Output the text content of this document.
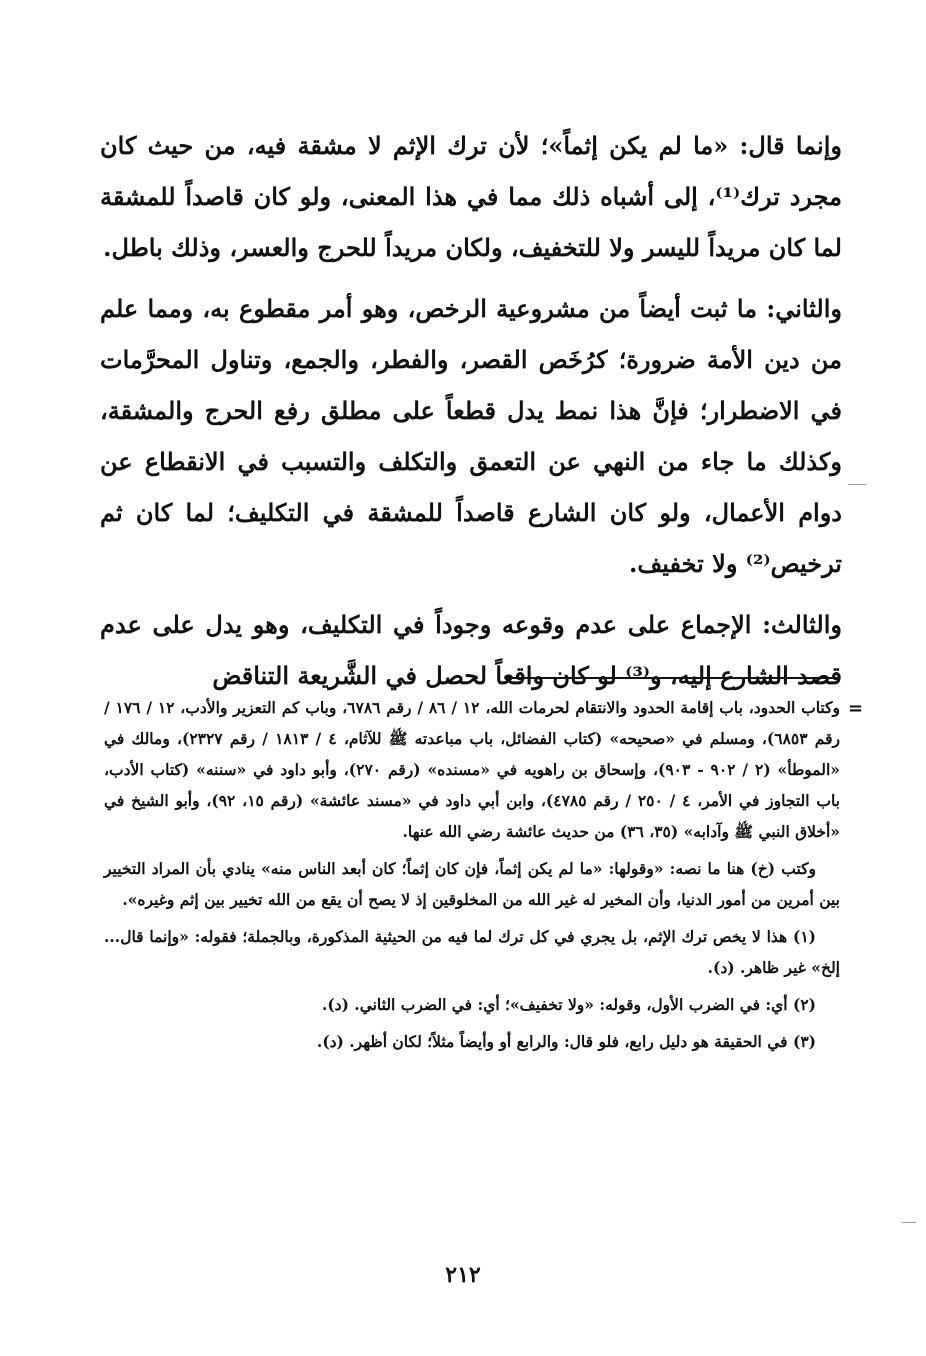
وإنما قال: «ما لم يكن إثماً»؛ لأن ترك الإثم لا مشقة فيه، من حيث كان مجرد ترك⁽¹⁾، إلى أشباه ذلك مما في هذا المعنى، ولو كان قاصداً للمشقة لما كان مريداً لليسر ولا للتخفيف، ولكان مريداً للحرج والعسر، وذلك باطل.

والثاني: ما ثبت أيضاً من مشروعية الرخص، وهو أمر مقطوع به، ومما علم من دين الأمة ضرورة؛ كرُخَص القصر، والفطر، والجمع، وتناول المحرَّمات في الاضطرار؛ فإنَّ هذا نمط يدل قطعاً على مطلق رفع الحرج والمشقة، وكذلك ما جاء من النهي عن التعمق والتكلف والتسبب في الانقطاع عن دوام الأعمال، ولو كان الشارع قاصداً للمشقة في التكليف؛ لما كان ثم ترخيص⁽²⁾ ولا تخفيف.

والثالث: الإجماع على عدم وقوعه وجوداً في التكليف، وهو يدل على عدم قصد الشارع إليه، و⁽³⁾ لو كان واقعاً لحصل في الشَّريعة التناقض

=

وكتاب الحدود، باب إقامة الحدود والانتقام لحرمات الله، ١٢ / ٨٦ / رقم ٦٧٨٦، وباب كم التعزير والأدب، ١٢ / ١٧٦ / رقم ٦٨٥٣)، ومسلم في «صحيحه» (كتاب الفضائل، باب مباعدته ﷺ للآثام، ٤ / ١٨١٣ / رقم ٢٣٢٧)، ومالك في «الموطأ» (٢ / ٩٠٢ - ٩٠٣)، وإسحاق بن راهويه في «مسنده» (رقم ٢٧٠)، وأبو داود في «سننه» (كتاب الأدب، باب التجاوز في الأمر، ٤ / ٢٥٠ / رقم ٤٧٨٥)، وابن أبي داود في «مسند عائشة» (رقم ١٥، ٩٢)، وأبو الشيخ في «أخلاق النبي ﷺ وآدابه» (٣٥، ٣٦) من حديث عائشة رضي الله عنها.

وكتب (خ) هنا ما نصه: «وقولها: «ما لم يكن إثماً، فإن كان إثماً؛ كان أبعد الناس منه» ينادي بأن المراد التخيير بين أمرين من أمور الدنيا، وأن المخير له غير الله من المخلوقين إذ لا يصح أن يقع من الله تخيير بين إثم وغيره».

(١) هذا لا يخص ترك الإثم، بل يجري في كل ترك لما فيه من الحيثية المذكورة، وبالجملة؛ فقوله: «وإنما قال... إلخ» غير ظاهر. (د).

(٢) أي: في الضرب الأول، وقوله: «ولا تخفيف»؛ أي: في الضرب الثاني. (د).

(٣) في الحقيقة هو دليل رابع، فلو قال: والرابع أو وأيضاً مثلاً؛ لكان أظهر. (د).

٢١٢
